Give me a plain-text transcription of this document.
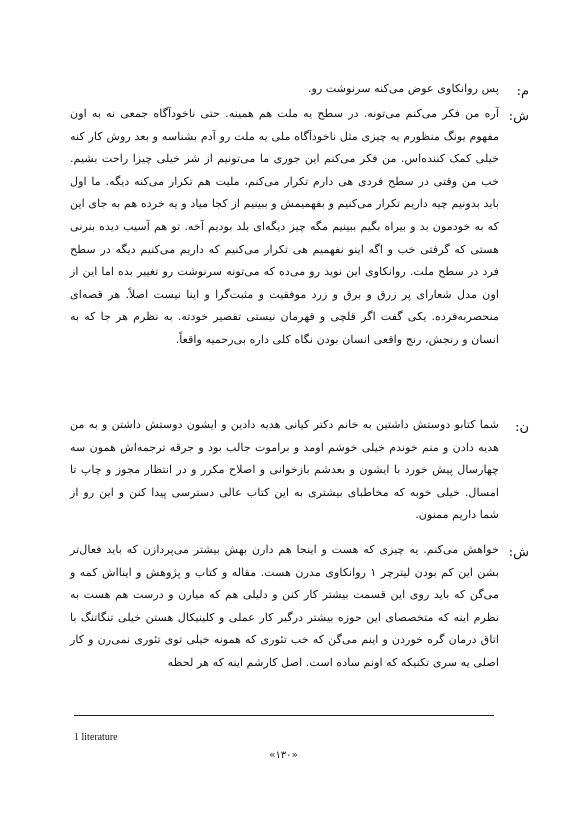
م:

پس روانکاوی عوض می‌کنه سرنوشت رو.

ش:

آره من فکر می‌کنم می‌تونه. در سطح یه ملت هم همینه. حتی ناخودآگاه جمعی نه به اون مفهوم یونگ منظورم یه چیزی مثل ناخودآگاه ملی یه ملت رو آدم بشناسه و بعد روش کار کنه خیلی کمک کننده‌اس. من فکر می‌کنم این جوری ما می‌تونیم از شر خیلی چیزا راحت بشیم. خب من وقتی در سطح فردی هی دارم تکرار می‌کنم، ملیت هم تکرار می‌کنه دیگه. ما اول باید بدونیم چیه داریم تکرار می‌کنیم و بفهمیمش و ببینیم از کجا میاد و یه خرده هم به جای این که به خودمون بد و بیراه بگیم ببینیم مگه چیز دیگه‌ای بلد بودیم آخه. تو هم آسیب دیده بنرنی هستی که گرفتی خب و اگه اینو نفهمیم هی تکرار می‌کنیم که داریم می‌کنیم دیگه در سطح فرد در سطح ملت. روانکاوی این نوید رو می‌ده که می‌تونه سرنوشت رو تغییر بده اما این از اون مدل شعارای پر زرق و برق و زرد موفقیت و مثبت‌گرا و اینا نیست اصلاً. هر قصه‌ای منحصربه‌فرده. یکی گفت اگر قلچی و قهرمان نیستی تقصیر خودته. به نظرم هر جا که به انسان و رنجش، رنج واقعی انسان بودن نگاه کلی داره بی‌رحمیه واقعاً.

ن:

شما کتابو دوستش داشتین به خانم دکتر کیانی هدیه دادین و ایشون دوستش داشتن و به من هدیه دادن و منم خوندم خیلی خوشم اومد و براموت جالب بود و جرقه ترجمه‌اش همون سه چهارسال پیش خورد با ایشون و بعدشم بازخوانی و اصلاح مکرر و در انتظار مجوز و چاپ تا امسال. خیلی خوبه که مخاطبای بیشتری به این کتاب عالی دسترسی پیدا کنن و این رو از شما داریم ممنون.

ش:

خواهش می‌کنم. یه چیزی که هست و اینجا هم دارن بهش بیشتر می‌پردازن که باید فعال‌تر بشن این کم بودن لیترچر ۱ روانکاوی مدرن هست. مقاله و کتاب و پژوهش و اینااش کمه و می‌گن که باید روی این قسمت بیشتر کار کنن و دلیلی هم که میارن و درست هم هست به نظرم اینه که متخصصای این حوزه بیشتر درگیر کار عملی و کلینیکال هستن خیلی تنگاتنگ با اتاق درمان گره خوردن و اینم می‌گن که خب تئوری که همونه خیلی توی تئوری نمی‌رن و کار اصلی یه سری تکنیکه که اونم ساده است. اصل کارشم اینه که هر لحظه

1 literature
«۱۳۰»
